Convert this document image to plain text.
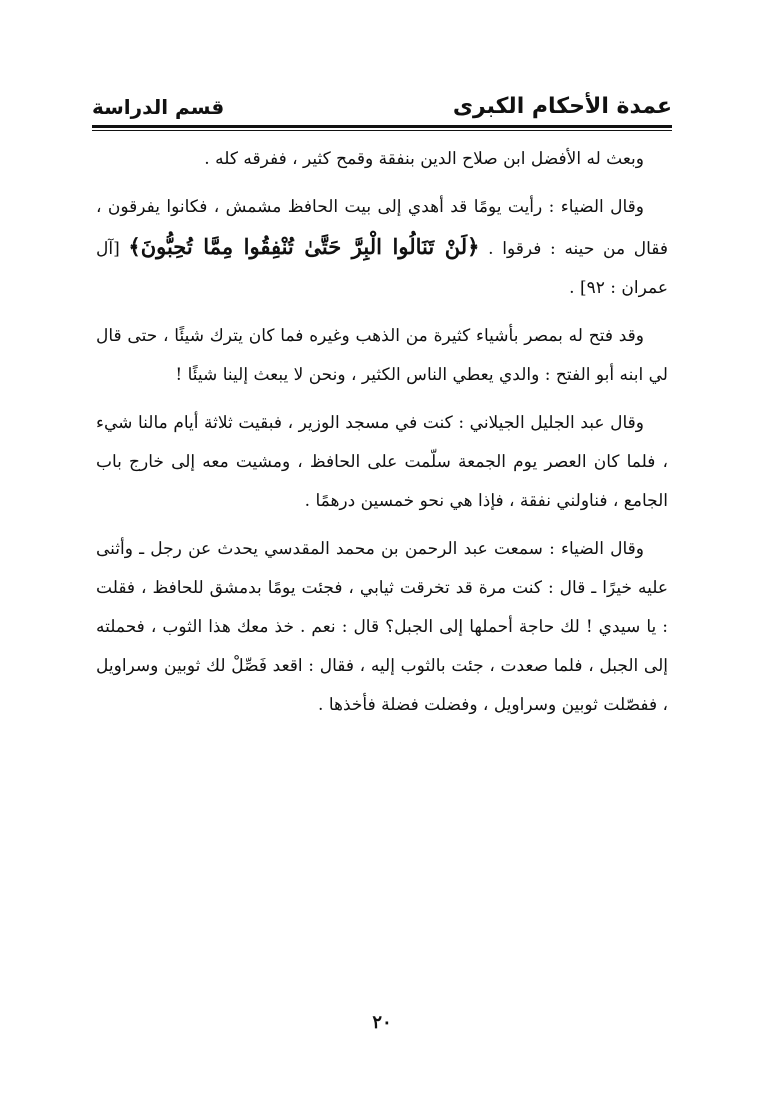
عمدة الأحكام الكبرى
قسم الدراسة

وبعث له الأفضل ابن صلاح الدين بنفقة وقمح كثير ، ففرقه كله .

وقال الضياء : رأيت يومًا قد أهدي إلى بيت الحافظ مشمش ، فكانوا يفرقون ، فقال من حينه : فرقوا . ﴿لَنْ تَنَالُوا الْبِرَّ حَتَّىٰ تُنْفِقُوا مِمَّا تُحِبُّونَ﴾ [آل عمران : ٩٢] .

وقد فتح له بمصر بأشياء كثيرة من الذهب وغيره فما كان يترك شيئًا ، حتى قال لي ابنه أبو الفتح : والدي يعطي الناس الكثير ، ونحن لا يبعث إلينا شيئًا !

وقال عبد الجليل الجيلاني : كنت في مسجد الوزير ، فبقيت ثلاثة أيام مالنا شيء ، فلما كان العصر يوم الجمعة سلّمت على الحافظ ، ومشيت معه إلى خارج باب الجامع ، فناولني نفقة ، فإذا هي نحو خمسين درهمًا .

وقال الضياء : سمعت عبد الرحمن بن محمد المقدسي يحدث عن رجل ـ وأثنى عليه خيرًا ـ قال : كنت مرة قد تخرقت ثيابي ، فجئت يومًا بدمشق للحافظ ، فقلت : يا سيدي ! لك حاجة أحملها إلى الجبل؟ قال : نعم . خذ معك هذا الثوب ، فحملته إلى الجبل ، فلما صعدت ، جئت بالثوب إليه ، فقال : اقعد فَصِّلْ لك ثوبين وسراويل ، ففصّلت ثوبين وسراويل ، وفضلت فضلة فأخذها .

٢٠
